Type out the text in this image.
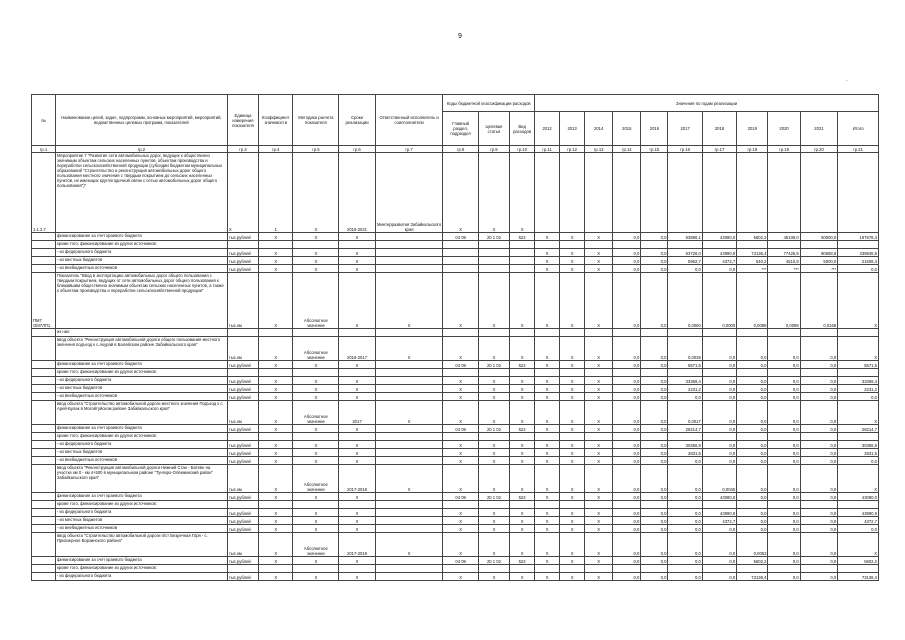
9
·
№	Наименование целей, задач, подпрограмм, основных мероприятий, мероприятий, ведомственных целевых программ, показателей	Единица измерения показателя	Коэффициент значимости	Методика расчета показателя	Сроки реализации	Ответственный исполнитель и соисполнители	Коды бюджетной классификации расходов			Значения по годам реализации										
							Главный раздел, подраздел	Целевая статья	Вид расходов	2012	2013	2014	2015	2016	2017	2018	2019	2020	2021	Итого
гр.1	гр.2	гр.3	гр.4	гр.5	гр.6	гр.7	гр.8	гр.9	гр.10	гр.11	гр.12	гр.13	гр.14	гр.15	гр.16	гр.17	гр.18	гр.19	гр.20	гр.21
1.1.2.7	Мероприятие 7 "Развитие сети автомобильных дорог, ведущих к общественно значимым объектам сельских населенных пунктов, объектам производства и переработки сельскохозяйственной продукции (субсидии бюджетам муниципальных образований "Строительство и реконструкция автомобильных дорог общего пользования местного значения с твердым покрытием до сельских населенных пунктов, не имеющих круглогодичной связи с сетью автомобильных дорог общего пользования")"	X	1	X	2015-2021	Минтерразвития Забайкальского края	X	X	X											
	финансирование за счет краевого бюджета	тыс.рублей	X	X	X		04 09	20 1 02	522	X	X	X	0,0	0,0	53886,1	43080,0	5602,2	45108,0	50000,0	197676,4
	кроме того, финансирование из других источников:																			
	- из федерального бюджета	тыс.рублей	X	X	X					X	X	X	0,0	0,0	63726,0	43990,9	73136,4	77425,5	80668,8	338945,9
	- из местных бюджетов	тыс.рублей	X	X	X					X	X	X	0,0	0,0	5962,7	4372,7	540,2	4510,8	5000,0	21506,4
	- из внебюджетных источников	тыс.рублей	X	X	X					X	X	X	0,0	0,0	0,0	0,0	***	***	***	0,0
ПМ7 ОМ7ЛП1	Показатель "Ввод в эксплуатацию автомобильных дорог общего пользования с твердым покрытием, ведущих от сети автомобильных дорог общего пользования к ближайшим общественно значимым объектам сельских населенных пунктов, а также к объектам производства и переработки сельскохозяйственной продукции"	тыс.км	X	Абсолютное значение	X	X	X	X	X	X	X	X	0,0	0,0	0,0060	0,0000	0,0098	0,0098	0,0168	X
	из них:																			
	ввод объекта "Реконструкция автомобильной дороги общего пользования местного значения подъезд к с.Акурай в Балейском районе Забайкальского края"	тыс.км	X	Абсолютное значение	2016-2017	X	X	X	X	X	X	X	0,0	0,0	0,0038	0,0	0,0	0,0	0,0	X
	финансирование за счет краевого бюджета	тыс.рублей	X	X	X		04 09	20 1 02	522	X	X	X	0,0	0,0	5571,5	0,0	0,0	0,0	0,0	5571,5
	кроме того, финансирование из других источников:																			
	- из федерального бюджета	тыс.рублей	X	X	X		X	X	X	X	X	X	0,0	0,0	33369,4	0,0	0,0	0,0	0,0	33369,4
	- из местных бюджетов	тыс.рублей	X	X	X		X	X	X	X	X	X	0,0	0,0	2231,2	0,0	0,0	0,0	0,0	2231,2
	- из внебюджетных источников	тыс.рублей	X	X	X		X	X	X	X	X	X	0,0	0,0	0,0	0,0	0,0	0,0	0,0	0,0
	ввод объекта "Строительство автомобильной дороги местного значения Подъезд к с. Арей-Булак в Могойтуйском районе Забайкальского края"	тыс.км	X	Абсолютное значение	2017	X	X	X	X	X	X	X	0,0	0,0	0,0017	0,0	0,0	0,0	0,0	X
	финансирование за счет краевого бюджета	тыс.рублей	X	X	X		04 09	20 1 02	522	X	X	X	0,0	0,0	28214,7	0,0	0,0	0,0	0,0	28214,7
	кроме того, финансирование из других источников:																			
	- из федерального бюджета	тыс.рублей	X	X	X		X	X	X	X	X	X	0,0	0,0	30356,9	0,0	0,0	0,0	0,0	30356,9
	- из местных бюджетов	тыс.рублей	X	X	X		X	X	X	X	X	X	0,0	0,0	2831,5	0,0	0,0	0,0	0,0	2831,5
	- из внебюджетных источников	тыс.рублей	X	X	X		X	X	X	X	X	X	0,0	0,0	0,0	0,0	0,0	0,0	0,0	0,0
	ввод объекта "Реконструкция автомобильной дороги Нижний Стан - Батеве на участке км 0 - км 4+500 в муниципальном районе "Тунгиро-Олёкминский район" Забайкальского края"	тыс.км	X	Абсолютное значение	2017-2018	X	X	X	X	X	X	X	0,0	0,0	0,0	0,0045	0,0	0,0	0,0	X
	финансирование за счет краевого бюджета	тыс.рублей	X	X	X		04 09	20 1 02	522	X	X	X	0,0	0,0	0,0	43080,0	0,0	0,0	0,0	43080,0
	кроме того, финансирование из других источников:																			
	- из федерального бюджета	тыс.рублей	X	X	X		X	X	X	X	X	X	0,0	0,0	0,0	43990,9	0,0	0,0	0,0	43990,9
	- из местных бюджетов	тыс.рублей	X	X	X		X	X	X	X	X	X	0,0	0,0	0,0	4372,7	0,0	0,0	0,0	4372,7
	- из внебюджетных источников	тыс.рублей	X	X	X		X	X	X	X	X	X	0,0	0,0	0,0	0,0	0,0	0,0	0,0	0,0
	ввод объекта "Строительство автомобильной дороги п/ст Безречная Горя - с. Приозерное Борзинского района"	тыс.км	X	Абсолютное значение	2017-2019	X	X	X	X	X	X	X	0,0	0,0	0,0	0,0	0,0053	0,0	0,0	X
	финансирование за счет краевого бюджета	тыс.рублей	X	X	X		04 09	20 1 02	522	X	X	X	0,0	0,0	0,0	0,0	5602,2	0,0	0,0	5602,2
	кроме того, финансирование из других источников:																			
	- из федерального бюджета	тыс.рублей	X	X	X		X	X	X	X	X	X	0,0	0,0	0,0	0,0	73136,4	0,0	0,0	73136,4
